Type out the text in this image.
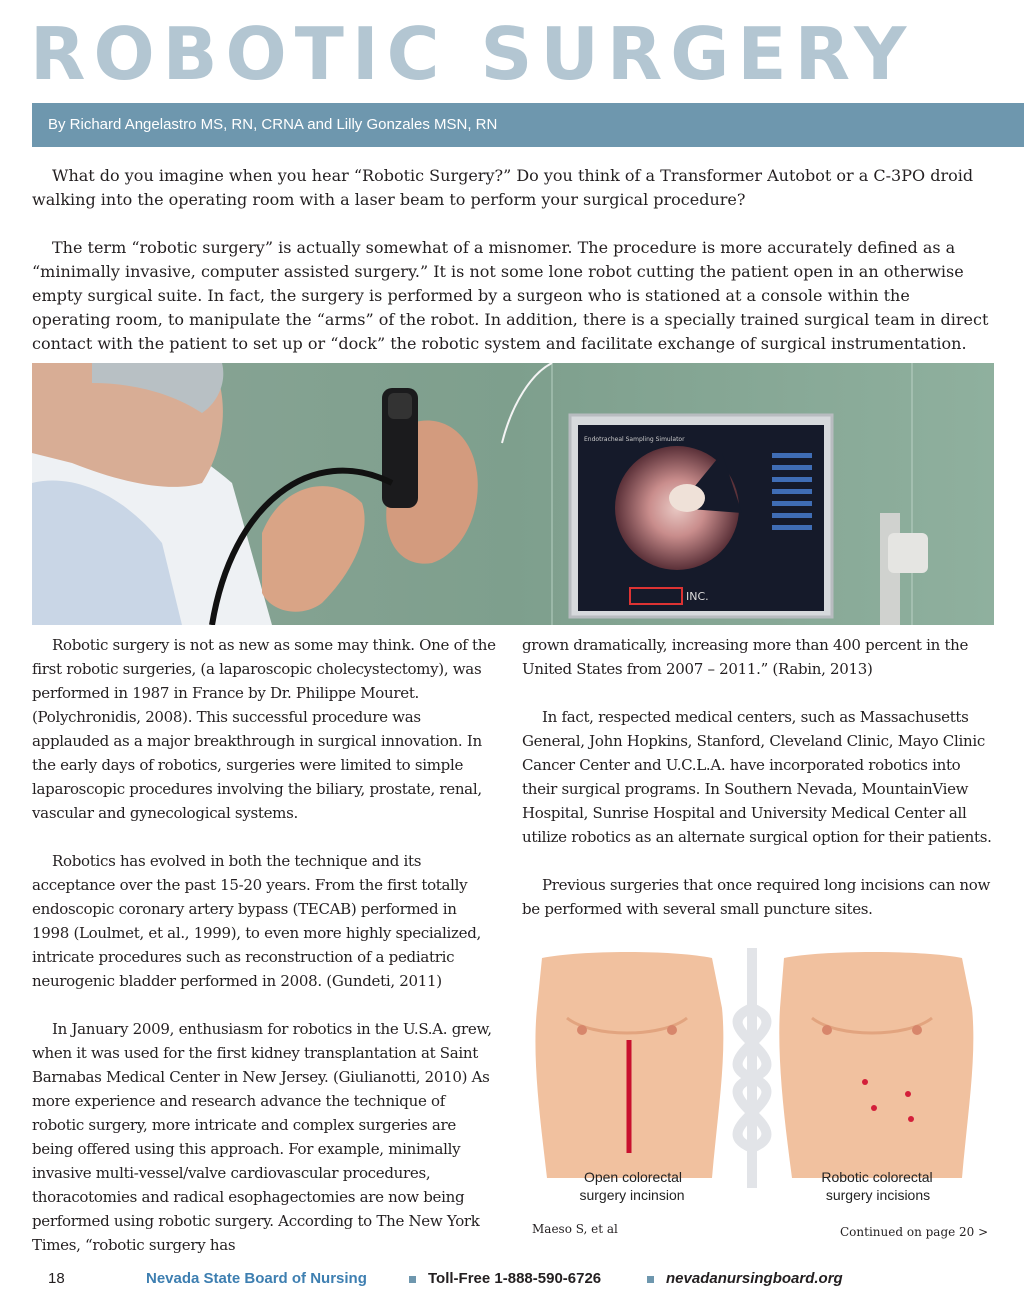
ROBOTIC SURGERY
By Richard Angelastro MS, RN, CRNA and Lilly Gonzales MSN, RN

What do you imagine when you hear “Robotic Surgery?” Do you think of a Transformer Autobot or a C-3PO droid walking into the operating room with a laser beam to perform your surgical procedure?

The term “robotic surgery” is actually somewhat of a misnomer. The procedure is more accurately defined as a “minimally invasive, computer assisted surgery.” It is not some lone robot cutting the patient open in an otherwise empty surgical suite. In fact, the surgery is performed by a surgeon who is stationed at a console within the operating room, to manipulate the “arms” of the robot. In addition, there is a specially trained surgical team in direct contact with the patient to set up or “dock” the robotic system and facilitate exchange of surgical instrumentation.

INC.
Endotracheal Sampling Simulator

Robotic surgery is not as new as some may think. One of the first robotic surgeries, (a laparoscopic cholecystectomy), was performed in 1987 in France by Dr. Philippe Mouret. (Polychronidis, 2008). This successful procedure was applauded as a major breakthrough in surgical innovation. In the early days of robotics, surgeries were limited to simple laparoscopic procedures involving the biliary, prostate, renal, vascular and gynecological systems.

Robotics has evolved in both the technique and its acceptance over the past 15-20 years. From the first totally endoscopic coronary artery bypass (TECAB) performed in 1998 (Loulmet, et al., 1999), to even more highly specialized, intricate procedures such as reconstruction of a pediatric neurogenic bladder performed in 2008. (Gundeti, 2011)

In January 2009, enthusiasm for robotics in the U.S.A. grew, when it was used for the first kidney transplantation at Saint Barnabas Medical Center in New Jersey. (Giulianotti, 2010) As more experience and research advance the technique of robotic surgery, more intricate and complex surgeries are being offered using this approach. For example, minimally invasive multi-vessel/valve cardiovascular procedures, thoracotomies and radical esophagectomies are now being performed using robotic surgery. According to The New York Times, “robotic surgery has

grown dramatically, increasing more than 400 percent in the United States from 2007 – 2011.” (Rabin, 2013)

In fact, respected medical centers, such as Massachusetts General, John Hopkins, Stanford, Cleveland Clinic, Mayo Clinic Cancer Center and U.C.L.A. have incorporated robotics into their surgical programs. In Southern Nevada, MountainView Hospital, Sunrise Hospital and University Medical Center all utilize robotics as an alternate surgical option for their patients.

Previous surgeries that once required long incisions can now be performed with several small puncture sites.

Open colorectal
surgery incinsion
Robotic colorectal
surgery incisions
Maeso S, et al	Continued on page 20 >
18	Nevada State Board of Nursing	Toll-Free 1-888-590-6726	nevadanursingboard.org
